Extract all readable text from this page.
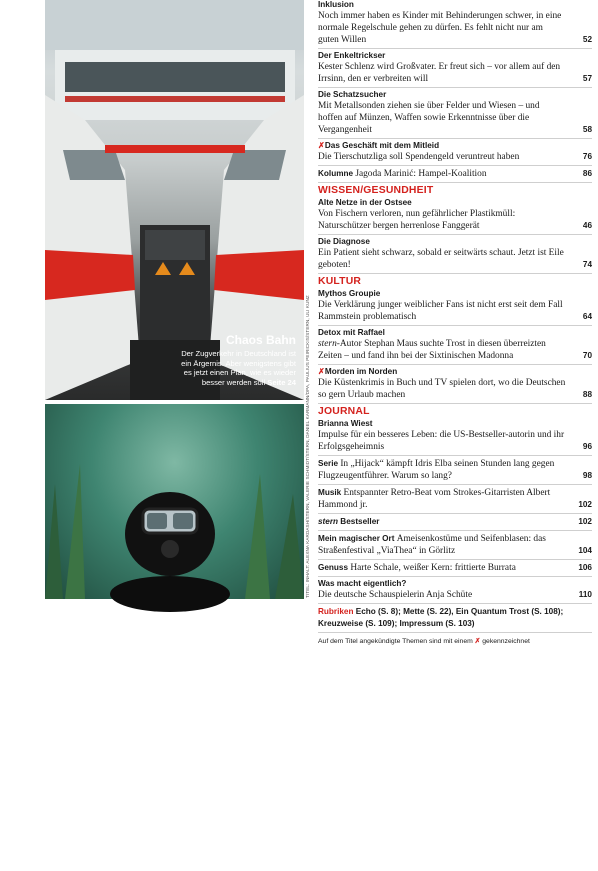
Chaos Bahn
Der Zugverkehr in Deutschland ist ein Ärgernis. Aber wenigstens gibt es jetzt einen Plan, wie es wieder besser werden soll Seite 24
Gespenster der See
„Geisternetze“ bedrohen die Tierwelt der Meere. Vor Rügen hat man den Kampf gegen sie aufgenommen
Seite 46
TITEL: INHALT: ALEXNA KARDASH/STERN, VALERIE SCHMIDT/STERN, DANIEL KARMANN/DPA, PAULIUS PEIRICKIS/STERN, ULI KUNZ
Inklusion
Noch immer haben es Kinder mit Behinderungen schwer, in eine normale Regelschule gehen zu dürfen. Es fehlt nicht nur am guten Willen	52
Der Enkeltrickser
Kester Schlenz wird Großvater. Er freut sich – vor allem auf den Irrsinn, den er verbreiten will	57
Die Schatzsucher
Mit Metallsonden ziehen sie über Felder und Wiesen – und hoffen auf Münzen, Waffen sowie Erkenntnisse über die Vergangenheit	58
✗Das Geschäft mit dem Mitleid
Die Tierschutzliga soll Spendengeld veruntreut haben	76
Kolumne Jagoda Marinić: Hampel-Koalition	86
WISSEN/GESUNDHEIT
Alte Netze in der Ostsee
Von Fischern verloren, nun gefährlicher Plastikmüll: Naturschützer bergen herrenlose Fanggerät	46
Die Diagnose
Ein Patient sieht schwarz, sobald er seitwärts schaut. Jetzt ist Eile geboten!	74
KULTUR
Mythos Groupie
Die Verklärung junger weiblicher Fans ist nicht erst seit dem Fall Rammstein problematisch	64
Detox mit Raffael
stern-Autor Stephan Maus suchte Trost in diesen überreizten Zeiten – und fand ihn bei der Sixtinischen Madonna	70
✗Morden im Norden
Die Küstenkrimis in Buch und TV spielen dort, wo die Deutschen so gern Urlaub machen	88
JOURNAL
Brianna Wiest
Impulse für ein besseres Leben: die US-Bestseller-autorin und ihr Erfolgsgeheimnis	96
Serie In „Hijack“ kämpft Idris Elba seinen Stunden lang gegen Flugzeugentführer. Warum so lang?	98
Musik Entspannter Retro-Beat vom Strokes-Gitarristen Albert Hammond jr.	102
stern Bestseller	102
Mein magischer Ort Ameisenkostüme und Seifenblasen: das Straßenfestival „ViaThea“ in Görlitz	104
Genuss Harte Schale, weißer Kern: frittierte Burrata	106
Was macht eigentlich?
Die deutsche Schauspielerin Anja Schüte	110
Rubriken Echo (S. 8); Mette (S. 22), Ein Quantum Trost (S. 108); Kreuzweise (S. 109); Impressum (S. 103)
Auf dem Titel angekündigte Themen sind mit einem ✗ gekennzeichnet
